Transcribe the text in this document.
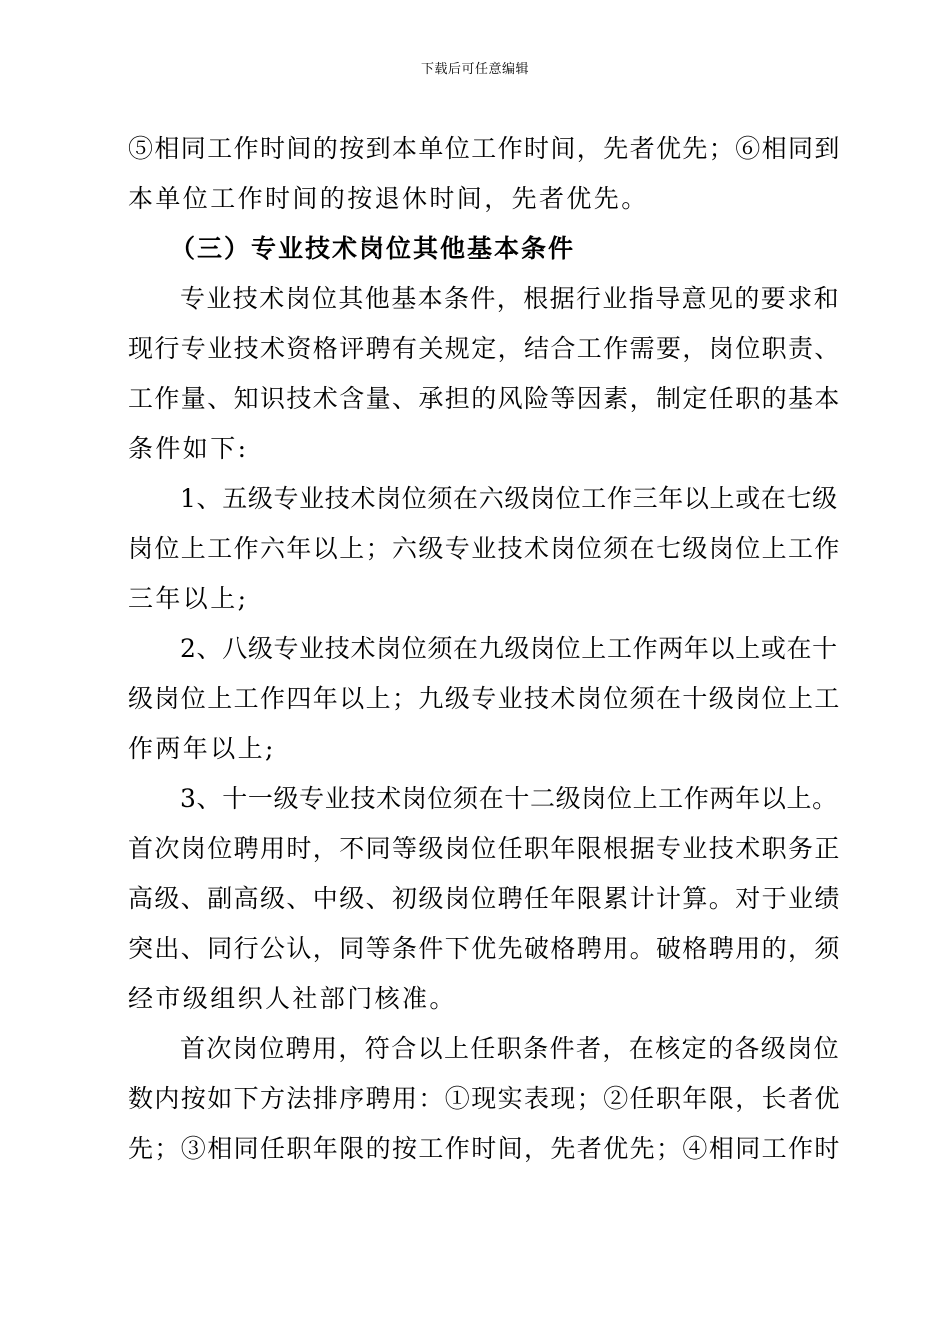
下载后可任意编辑
⑤相同工作时间的按到本单位工作时间，先者优先；⑥相同到
本单位工作时间的按退休时间，先者优先。
（三）专业技术岗位其他基本条件
专业技术岗位其他基本条件，根据行业指导意见的要求和
现行专业技术资格评聘有关规定，结合工作需要，岗位职责、
工作量、知识技术含量、承担的风险等因素，制定任职的基本
条件如下:
1、五级专业技术岗位须在六级岗位工作三年以上或在七级
岗位上工作六年以上；六级专业技术岗位须在七级岗位上工作
三年以上;
2、八级专业技术岗位须在九级岗位上工作两年以上或在十
级岗位上工作四年以上；九级专业技术岗位须在十级岗位上工
作两年以上;
3、十一级专业技术岗位须在十二级岗位上工作两年以上。
首次岗位聘用时，不同等级岗位任职年限根据专业技术职务正
高级、副高级、中级、初级岗位聘任年限累计计算。对于业绩
突出、同行公认，同等条件下优先破格聘用。破格聘用的，须
经市级组织人社部门核准。
首次岗位聘用，符合以上任职条件者，在核定的各级岗位
数内按如下方法排序聘用：①现实表现；②任职年限，长者优
先；③相同任职年限的按工作时间，先者优先；④相同工作时
